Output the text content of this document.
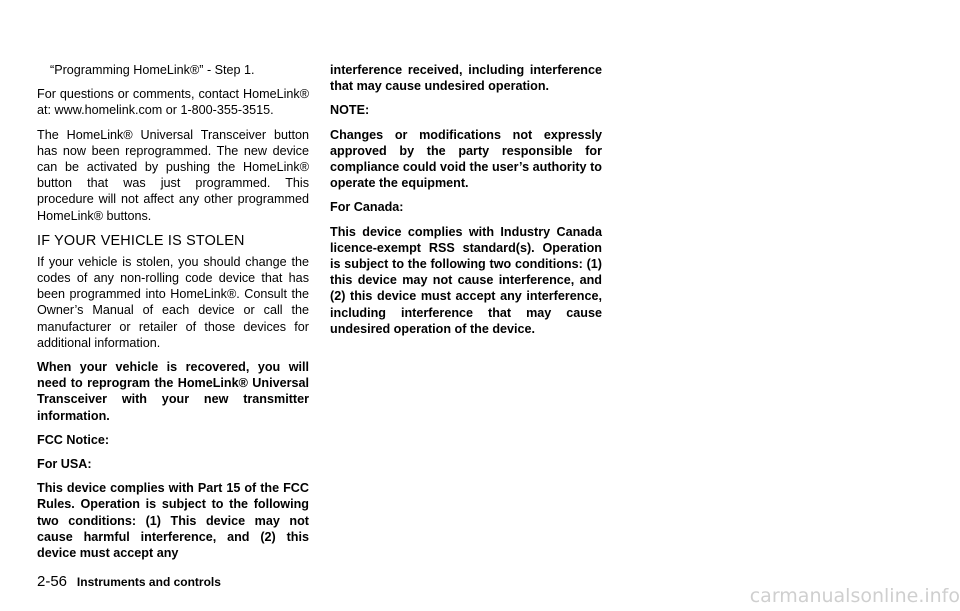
“Programming HomeLink®” - Step 1.

For questions or comments, contact HomeLink® at: www.homelink.com or 1-800-355-3515.

The HomeLink® Universal Transceiver button has now been reprogrammed. The new device can be activated by pushing the HomeLink® button that was just programmed. This procedure will not affect any other programmed HomeLink® buttons.

IF YOUR VEHICLE IS STOLEN

If your vehicle is stolen, you should change the codes of any non-rolling code device that has been programmed into HomeLink®. Consult the Owner’s Manual of each device or call the manufacturer or retailer of those devices for additional information.

When your vehicle is recovered, you will need to reprogram the HomeLink® Universal Transceiver with your new transmitter information.

FCC Notice:

For USA:

This device complies with Part 15 of the FCC Rules. Operation is subject to the following two conditions: (1) This device may not cause harmful interference, and (2) this device must accept any

interference received, including interference that may cause undesired operation.

NOTE:

Changes or modifications not expressly approved by the party responsible for compliance could void the user’s authority to operate the equipment.

For Canada:

This device complies with Industry Canada licence-exempt RSS standard(s). Operation is subject to the following two conditions: (1) this device may not cause interference, and (2) this device must accept any interference, including interference that may cause undesired operation of the device.

2-56 Instruments and controls
carmanualsonline.info
